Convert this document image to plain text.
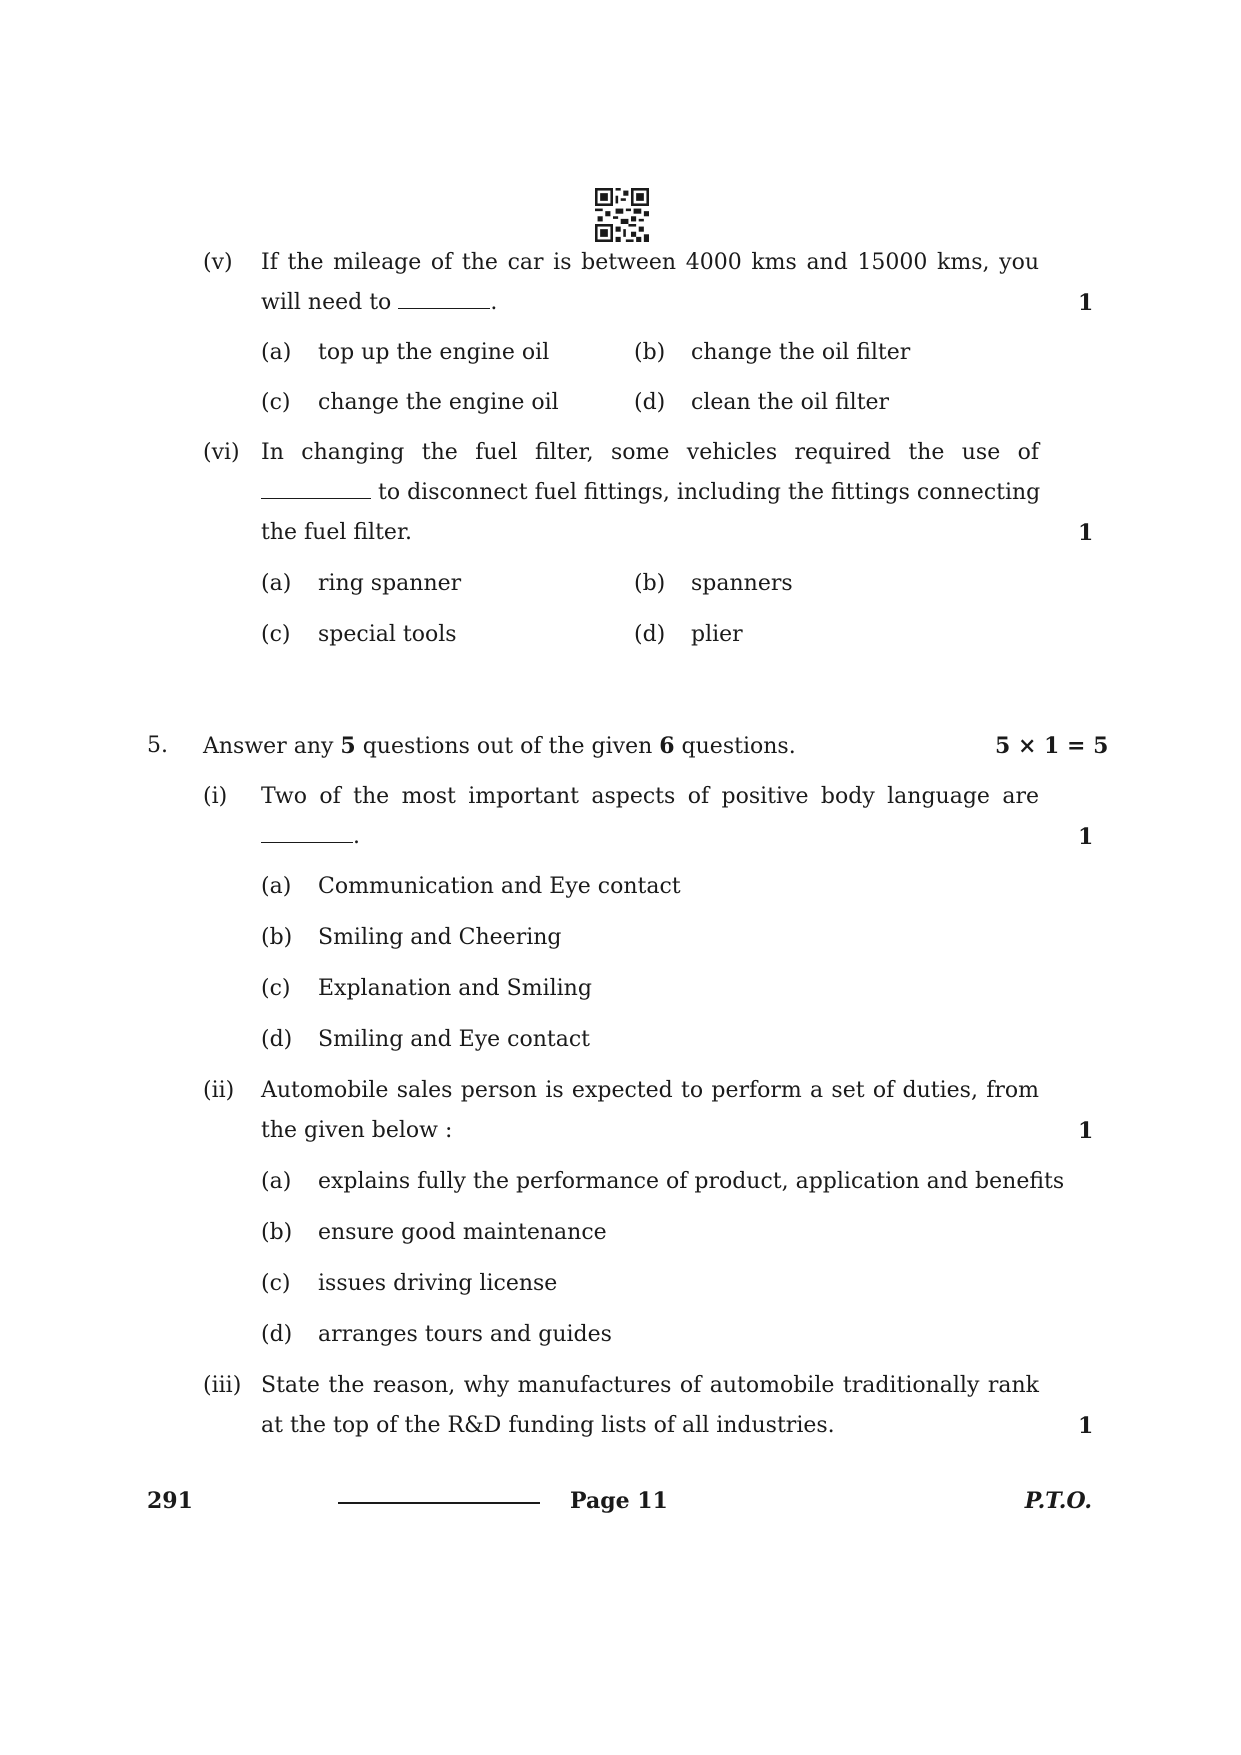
(v) If the mileage of the car is between 4000 kms and 15000 kms, you
will need to	.	1
(a) top up the engine oil	(b) change the oil filter
(c) change the engine oil	(d) clean the oil filter
(vi) In changing the fuel filter, some vehicles required the use of
to disconnect fuel fittings, including the fittings connecting
the fuel filter.	1
(a) ring spanner	(b) spanners
(c) special tools	(d) plier
5. Answer any 5 questions out of the given 6 questions.	5 × 1 = 5
(i) Two of the most important aspects of positive body language are
.	1
(a) Communication and Eye contact
(b) Smiling and Cheering
(c) Explanation and Smiling
(d) Smiling and Eye contact
(ii) Automobile sales person is expected to perform a set of duties, from
the given below :	1
(a) explains fully the performance of product, application and benefits
(b) ensure good maintenance
(c) issues driving license
(d) arranges tours and guides
(iii) State the reason, why manufactures of automobile traditionally rank
at the top of the R&D funding lists of all industries.	1
291	Page 11	P.T.O.
